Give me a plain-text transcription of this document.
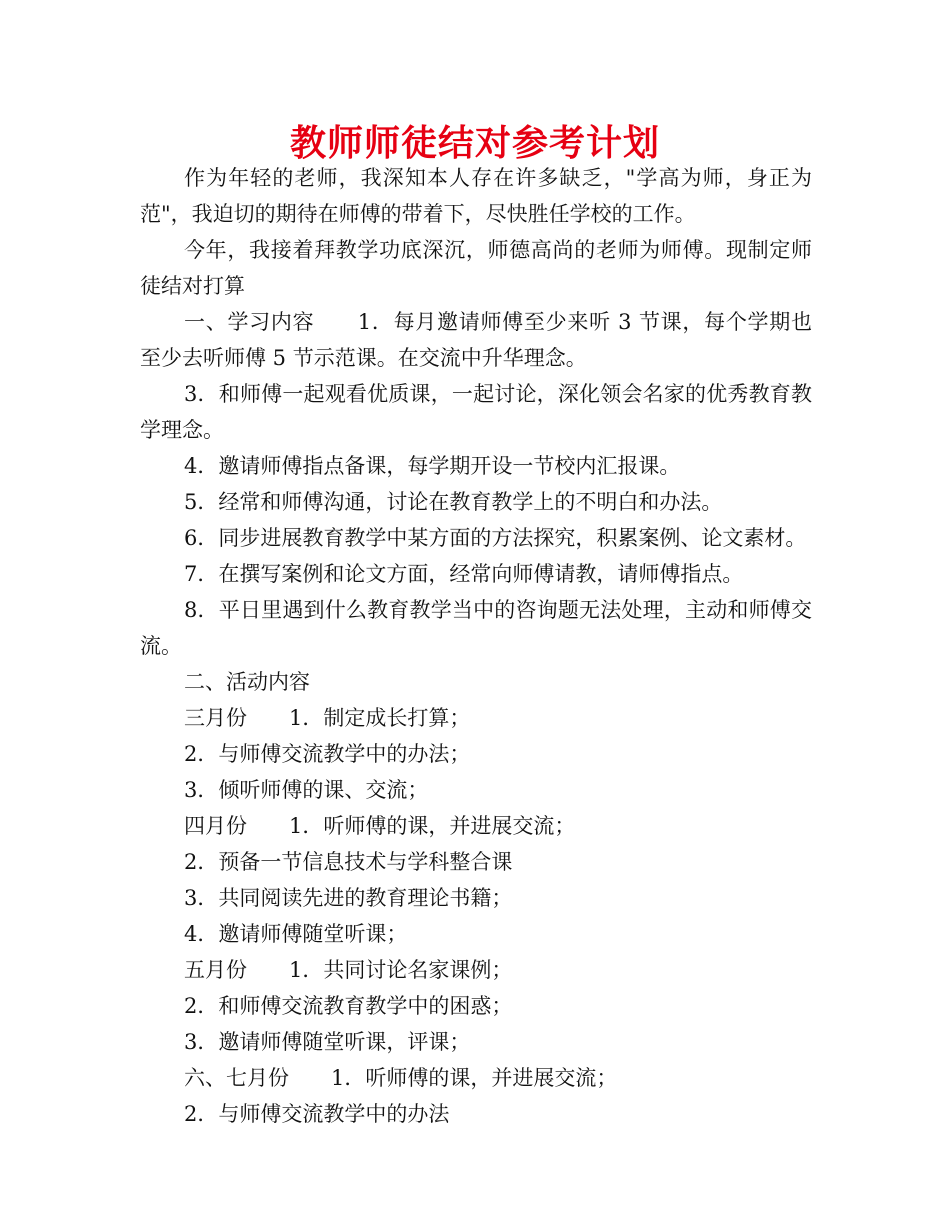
教师师徒结对参考计划

作为年轻的老师，我深知本人存在许多缺乏，"学高为师，身正为范"，我迫切的期待在师傅的带着下，尽快胜任学校的工作。

今年，我接着拜教学功底深沉，师德高尚的老师为师傅。现制定师徒结对打算

一、学习内容　　1．每月邀请师傅至少来听 3 节课，每个学期也至少去听师傅 5 节示范课。在交流中升华理念。

3．和师傅一起观看优质课，一起讨论，深化领会名家的优秀教育教学理念。

4．邀请师傅指点备课，每学期开设一节校内汇报课。

5．经常和师傅沟通，讨论在教育教学上的不明白和办法。

6．同步进展教育教学中某方面的方法探究，积累案例、论文素材。

7．在撰写案例和论文方面，经常向师傅请教，请师傅指点。

8．平日里遇到什么教育教学当中的咨询题无法处理，主动和师傅交流。

二、活动内容

三月份　　1．制定成长打算；

2．与师傅交流教学中的办法；

3．倾听师傅的课、交流；

四月份　　1．听师傅的课，并进展交流；

2．预备一节信息技术与学科整合课

3．共同阅读先进的教育理论书籍；

4．邀请师傅随堂听课；

五月份　　1．共同讨论名家课例；

2．和师傅交流教育教学中的困惑；

3．邀请师傅随堂听课，评课；

六、七月份　　1．听师傅的课，并进展交流；

2．与师傅交流教学中的办法
